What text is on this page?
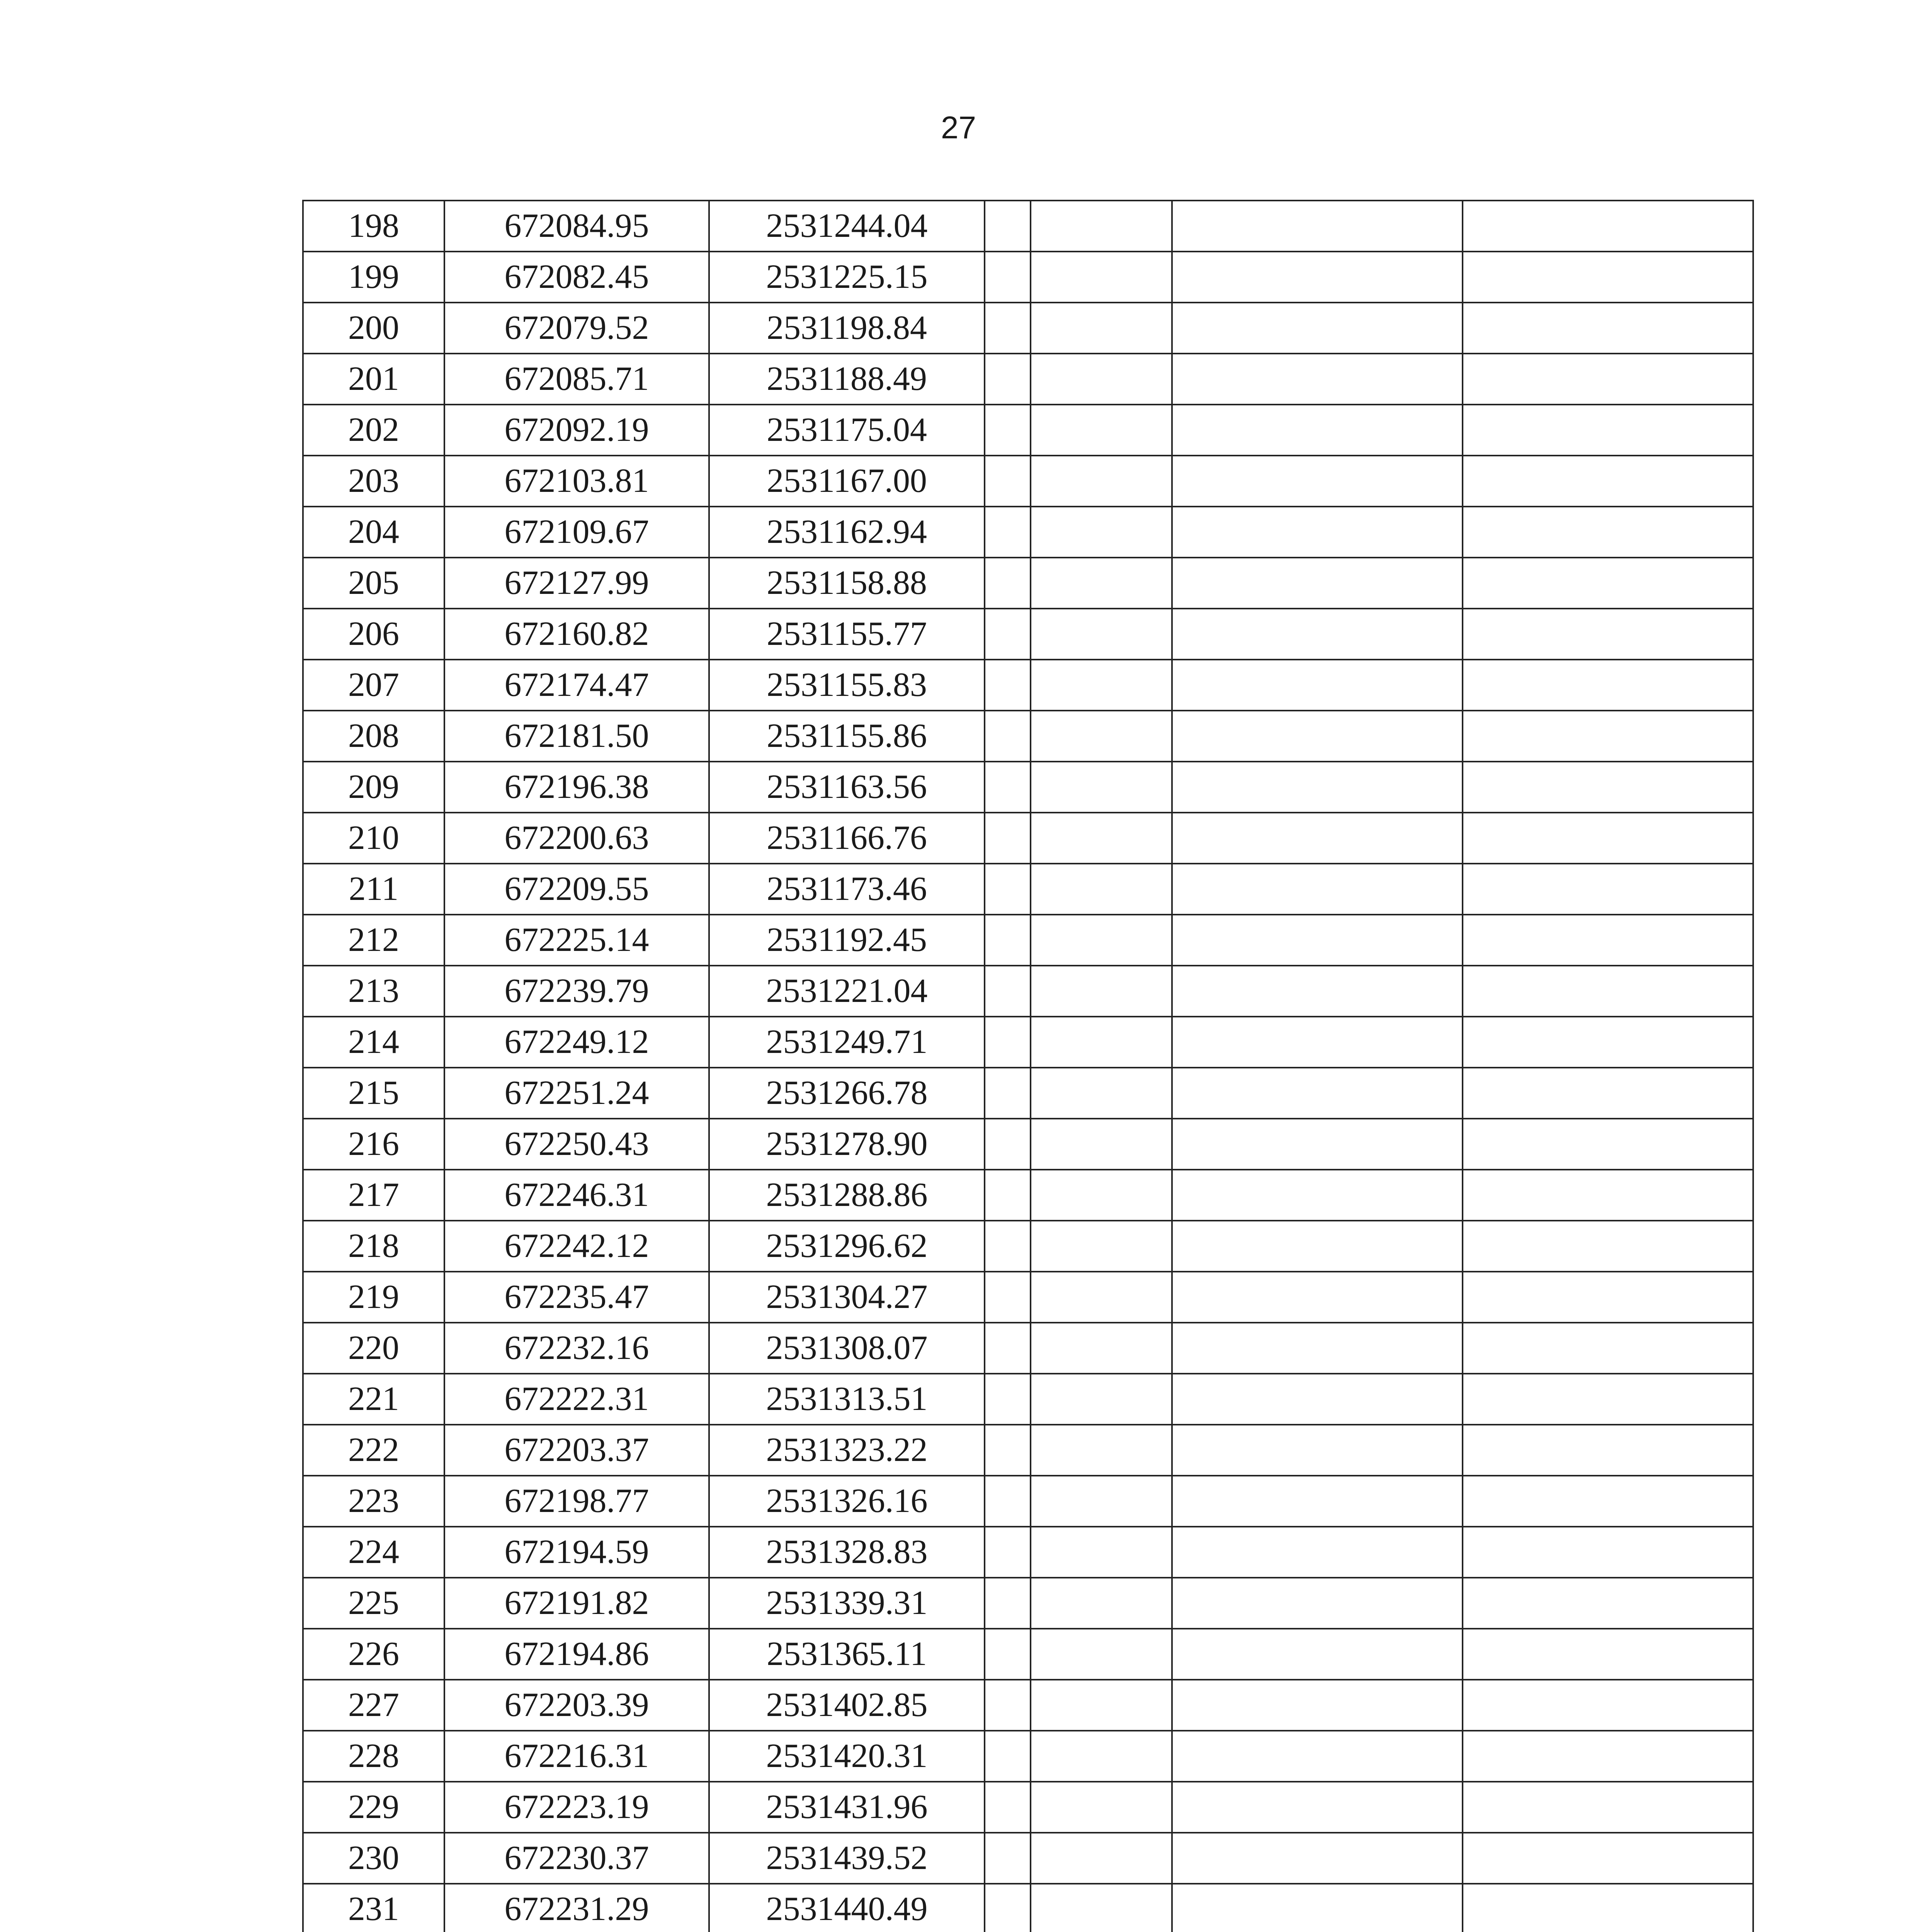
27
198	672084.95	2531244.04				
199	672082.45	2531225.15				
200	672079.52	2531198.84				
201	672085.71	2531188.49				
202	672092.19	2531175.04				
203	672103.81	2531167.00				
204	672109.67	2531162.94				
205	672127.99	2531158.88				
206	672160.82	2531155.77				
207	672174.47	2531155.83				
208	672181.50	2531155.86				
209	672196.38	2531163.56				
210	672200.63	2531166.76				
211	672209.55	2531173.46				
212	672225.14	2531192.45				
213	672239.79	2531221.04				
214	672249.12	2531249.71				
215	672251.24	2531266.78				
216	672250.43	2531278.90				
217	672246.31	2531288.86				
218	672242.12	2531296.62				
219	672235.47	2531304.27				
220	672232.16	2531308.07				
221	672222.31	2531313.51				
222	672203.37	2531323.22				
223	672198.77	2531326.16				
224	672194.59	2531328.83				
225	672191.82	2531339.31				
226	672194.86	2531365.11				
227	672203.39	2531402.85				
228	672216.31	2531420.31				
229	672223.19	2531431.96				
230	672230.37	2531439.52				
231	672231.29	2531440.49				
